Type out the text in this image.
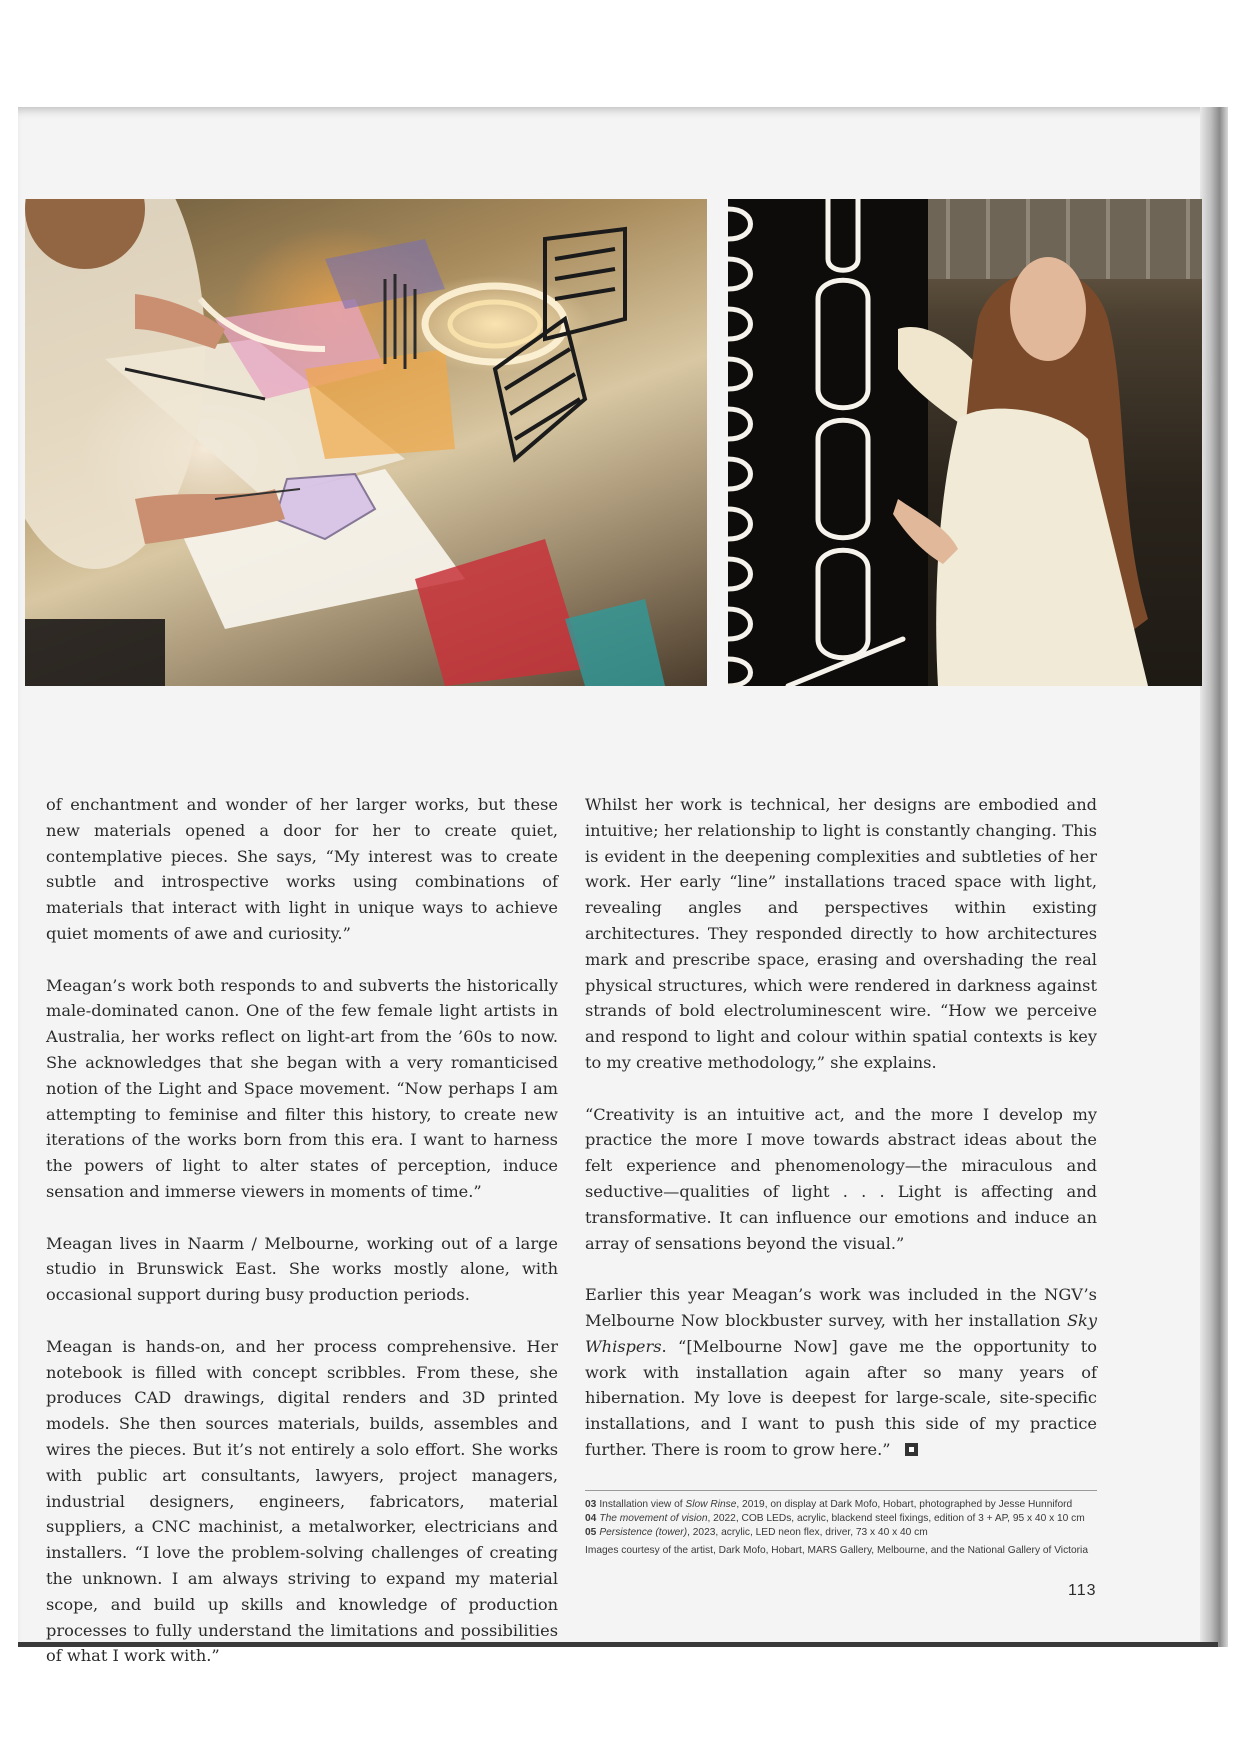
of enchantment and wonder of her larger works, but these new materials opened a door for her to create quiet, contemplative pieces. She says, “My interest was to create subtle and introspective works using combinations of materials that interact with light in unique ways to achieve quiet moments of awe and curiosity.”

Meagan’s work both responds to and subverts the historically male-dominated canon. One of the few female light artists in Australia, her works reflect on light-art from the ’60s to now. She acknowledges that she began with a very romanticised notion of the Light and Space movement. “Now perhaps I am attempting to feminise and filter this history, to create new iterations of the works born from this era. I want to harness the powers of light to alter states of perception, induce sensation and immerse viewers in moments of time.”

Meagan lives in Naarm / Melbourne, working out of a large studio in Brunswick East. She works mostly alone, with occasional support during busy production periods.

Meagan is hands-on, and her process comprehensive. Her notebook is filled with concept scribbles. From these, she produces CAD drawings, digital renders and 3D printed models. She then sources materials, builds, assembles and wires the pieces. But it’s not entirely a solo effort. She works with public art consultants, lawyers, project managers, industrial designers, engineers, fabricators, material suppliers, a CNC machinist, a metalworker, electricians and installers. “I love the problem-solving challenges of creating the unknown. I am always striving to expand my material scope, and build up skills and knowledge of production processes to fully understand the limitations and possibilities of what I work with.”

Whilst her work is technical, her designs are embodied and intuitive; her relationship to light is constantly changing. This is evident in the deepening complexities and subtleties of her work. Her early “line” installations traced space with light, revealing angles and perspectives within existing architectures. They responded directly to how architectures mark and prescribe space, erasing and overshading the real physical structures, which were rendered in darkness against strands of bold electroluminescent wire. “How we perceive and respond to light and colour within spatial contexts is key to my creative methodology,” she explains.

“Creativity is an intuitive act, and the more I develop my practice the more I move towards abstract ideas about the felt experience and phenomenology—the miraculous and seductive—qualities of light . . . Light is affecting and transformative. It can influence our emotions and induce an array of sensations beyond the visual.”

Earlier this year Meagan’s work was included in the NGV’s Melbourne Now blockbuster survey, with her installation Sky Whispers. “[Melbourne Now] gave me the opportunity to work with installation again after so many years of hibernation. My love is deepest for large-scale, site-specific installations, and I want to push this side of my practice further. There is room to grow here.”

03 Installation view of Slow Rinse, 2019, on display at Dark Mofo, Hobart, photographed by Jesse Hunniford
04 The movement of vision, 2022, COB LEDs, acrylic, blackend steel fixings, edition of 3 + AP, 95 x 40 x 10 cm
05 Persistence (tower), 2023, acrylic, LED neon flex, driver, 73 x 40 x 40 cm
Images courtesy of the artist, Dark Mofo, Hobart, MARS Gallery, Melbourne, and the National Gallery of Victoria
113
